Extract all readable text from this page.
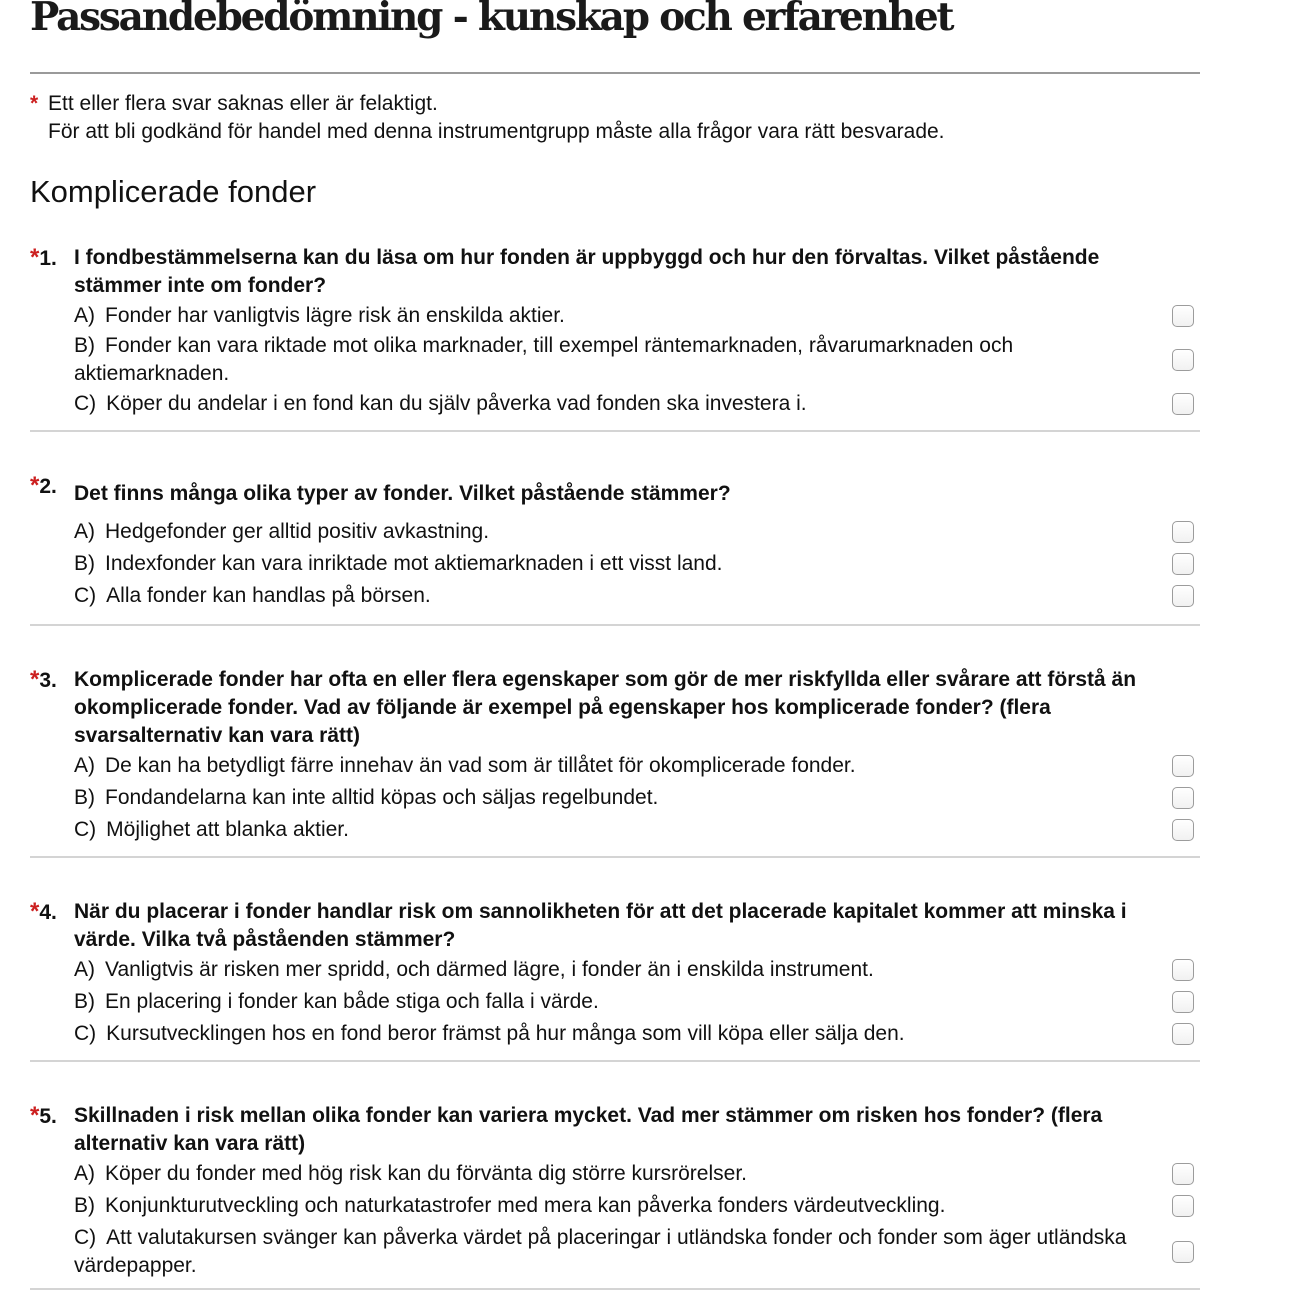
Passandebedömning - kunskap och erfarenhet
* Ett eller flera svar saknas eller är felaktigt.
För att bli godkänd för handel med denna instrumentgrupp måste alla frågor vara rätt besvarade.
Komplicerade fonder
*1. I fondbestämmelserna kan du läsa om hur fonden är uppbyggd och hur den förvaltas. Vilket påstående stämmer inte om fonder?
A) Fonder har vanligtvis lägre risk än enskilda aktier.
B) Fonder kan vara riktade mot olika marknader, till exempel räntemarknaden, råvarumarknaden och aktiemarknaden.
C) Köper du andelar i en fond kan du själv påverka vad fonden ska investera i.
*2. Det finns många olika typer av fonder. Vilket påstående stämmer?
A) Hedgefonder ger alltid positiv avkastning.
B) Indexfonder kan vara inriktade mot aktiemarknaden i ett visst land.
C) Alla fonder kan handlas på börsen.
*3. Komplicerade fonder har ofta en eller flera egenskaper som gör de mer riskfyllda eller svårare att förstå än okomplicerade fonder. Vad av följande är exempel på egenskaper hos komplicerade fonder? (flera svarsalternativ kan vara rätt)
A) De kan ha betydligt färre innehav än vad som är tillåtet för okomplicerade fonder.
B) Fondandelarna kan inte alltid köpas och säljas regelbundet.
C) Möjlighet att blanka aktier.
*4. När du placerar i fonder handlar risk om sannolikheten för att det placerade kapitalet kommer att minska i värde. Vilka två påståenden stämmer?
A) Vanligtvis är risken mer spridd, och därmed lägre, i fonder än i enskilda instrument.
B) En placering i fonder kan både stiga och falla i värde.
C) Kursutvecklingen hos en fond beror främst på hur många som vill köpa eller sälja den.
*5. Skillnaden i risk mellan olika fonder kan variera mycket. Vad mer stämmer om risken hos fonder? (flera alternativ kan vara rätt)
A) Köper du fonder med hög risk kan du förvänta dig större kursrörelser.
B) Konjunkturutveckling och naturkatastrofer med mera kan påverka fonders värdeutveckling.
C) Att valutakursen svänger kan påverka värdet på placeringar i utländska fonder och fonder som äger utländska värdepapper.
